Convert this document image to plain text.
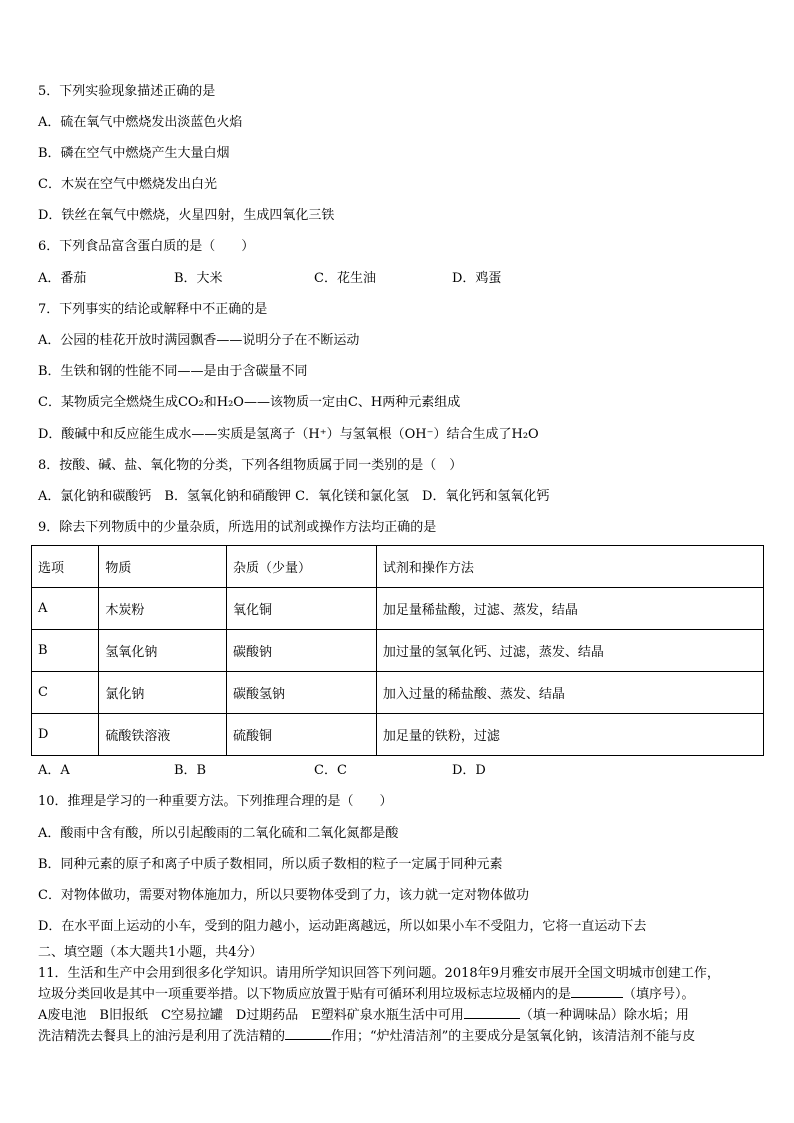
5．下列实验现象描述正确的是
A．硫在氧气中燃烧发出淡蓝色火焰
B．磷在空气中燃烧产生大量白烟
C．木炭在空气中燃烧发出白光
D．铁丝在氧气中燃烧，火星四射，生成四氧化三铁
6．下列食品富含蛋白质的是（　　）
A．番茄	B．大米	C．花生油	D．鸡蛋
7．下列事实的结论或解释中不正确的是
A．公园的桂花开放时满园飘香——说明分子在不断运动
B．生铁和钢的性能不同——是由于含碳量不同
C．某物质完全燃烧生成CO₂和H₂O——该物质一定由C、H两种元素组成
D．酸碱中和反应能生成水——实质是氢离子（H⁺）与氢氧根（OH⁻）结合生成了H₂O
8．按酸、碱、盐、氧化物的分类，下列各组物质属于同一类别的是（　）
A．氯化钠和碳酸钙　B．氢氧化钠和硝酸钾 C．氧化镁和氯化氢　D．氧化钙和氢氧化钙
9．除去下列物质中的少量杂质，所选用的试剂或操作方法均正确的是
选项	物质	杂质（少量）	试剂和操作方法
A	木炭粉	氧化铜	加足量稀盐酸，过滤、蒸发，结晶
B	氢氧化钠	碳酸钠	加过量的氢氧化钙、过滤，蒸发、结晶
C	氯化钠	碳酸氢钠	加入过量的稀盐酸、蒸发、结晶
D	硫酸铁溶液	硫酸铜	加足量的铁粉，过滤
A．A	B．B	C．C	D．D
10．推理是学习的一种重要方法。下列推理合理的是（　　）
A．酸雨中含有酸，所以引起酸雨的二氧化硫和二氧化氮都是酸
B．同种元素的原子和离子中质子数相同，所以质子数相的粒子一定属于同种元素
C．对物体做功，需要对物体施加力，所以只要物体受到了力，该力就一定对物体做功
D．在水平面上运动的小车，受到的阻力越小，运动距离越远，所以如果小车不受阻力，它将一直运动下去
二、填空题（本大题共1小题，共4分）
11．生活和生产中会用到很多化学知识。请用所学知识回答下列问题。2018年9月雅安市展开全国文明城市创建工作，
垃圾分类回收是其中一项重要举措。以下物质应放置于贴有可循环利用垃圾标志垃圾桶内的是	（填序号）。
A废电池　B旧报纸　C空易拉罐　D过期药品　E塑料矿泉水瓶生活中可用	（填一种调味品）除水垢；用
洗洁精洗去餐具上的油污是利用了洗洁精的	作用；“炉灶清洁剂”的主要成分是氢氧化钠，该清洁剂不能与皮
